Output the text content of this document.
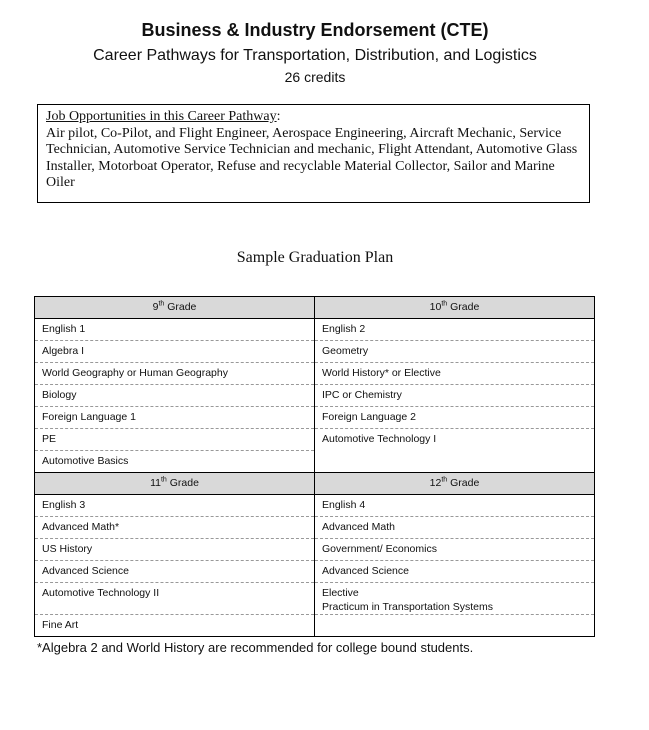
Business & Industry Endorsement (CTE)
Career Pathways for Transportation, Distribution, and Logistics
26 credits
Job Opportunities in this Career Pathway:
Air pilot, Co-Pilot, and Flight Engineer, Aerospace Engineering, Aircraft Mechanic, Service Technician, Automotive Service Technician and mechanic, Flight Attendant, Automotive Glass Installer, Motorboat Operator, Refuse and recyclable Material Collector, Sailor and Marine Oiler
Sample Graduation Plan
9th Grade	10th Grade
English 1	English 2
Algebra I	Geometry
World Geography or Human Geography	World History* or Elective
Biology	IPC or Chemistry
Foreign Language 1	Foreign Language 2
PE	Automotive Technology I
Automotive Basics	
11th Grade	12th Grade
English 3	English 4
Advanced Math*	Advanced Math
US History	Government/ Economics
Advanced Science	Advanced Science
Automotive Technology II	Elective
Practicum in Transportation Systems
Fine Art	
*Algebra 2 and World History are recommended for college bound students.
